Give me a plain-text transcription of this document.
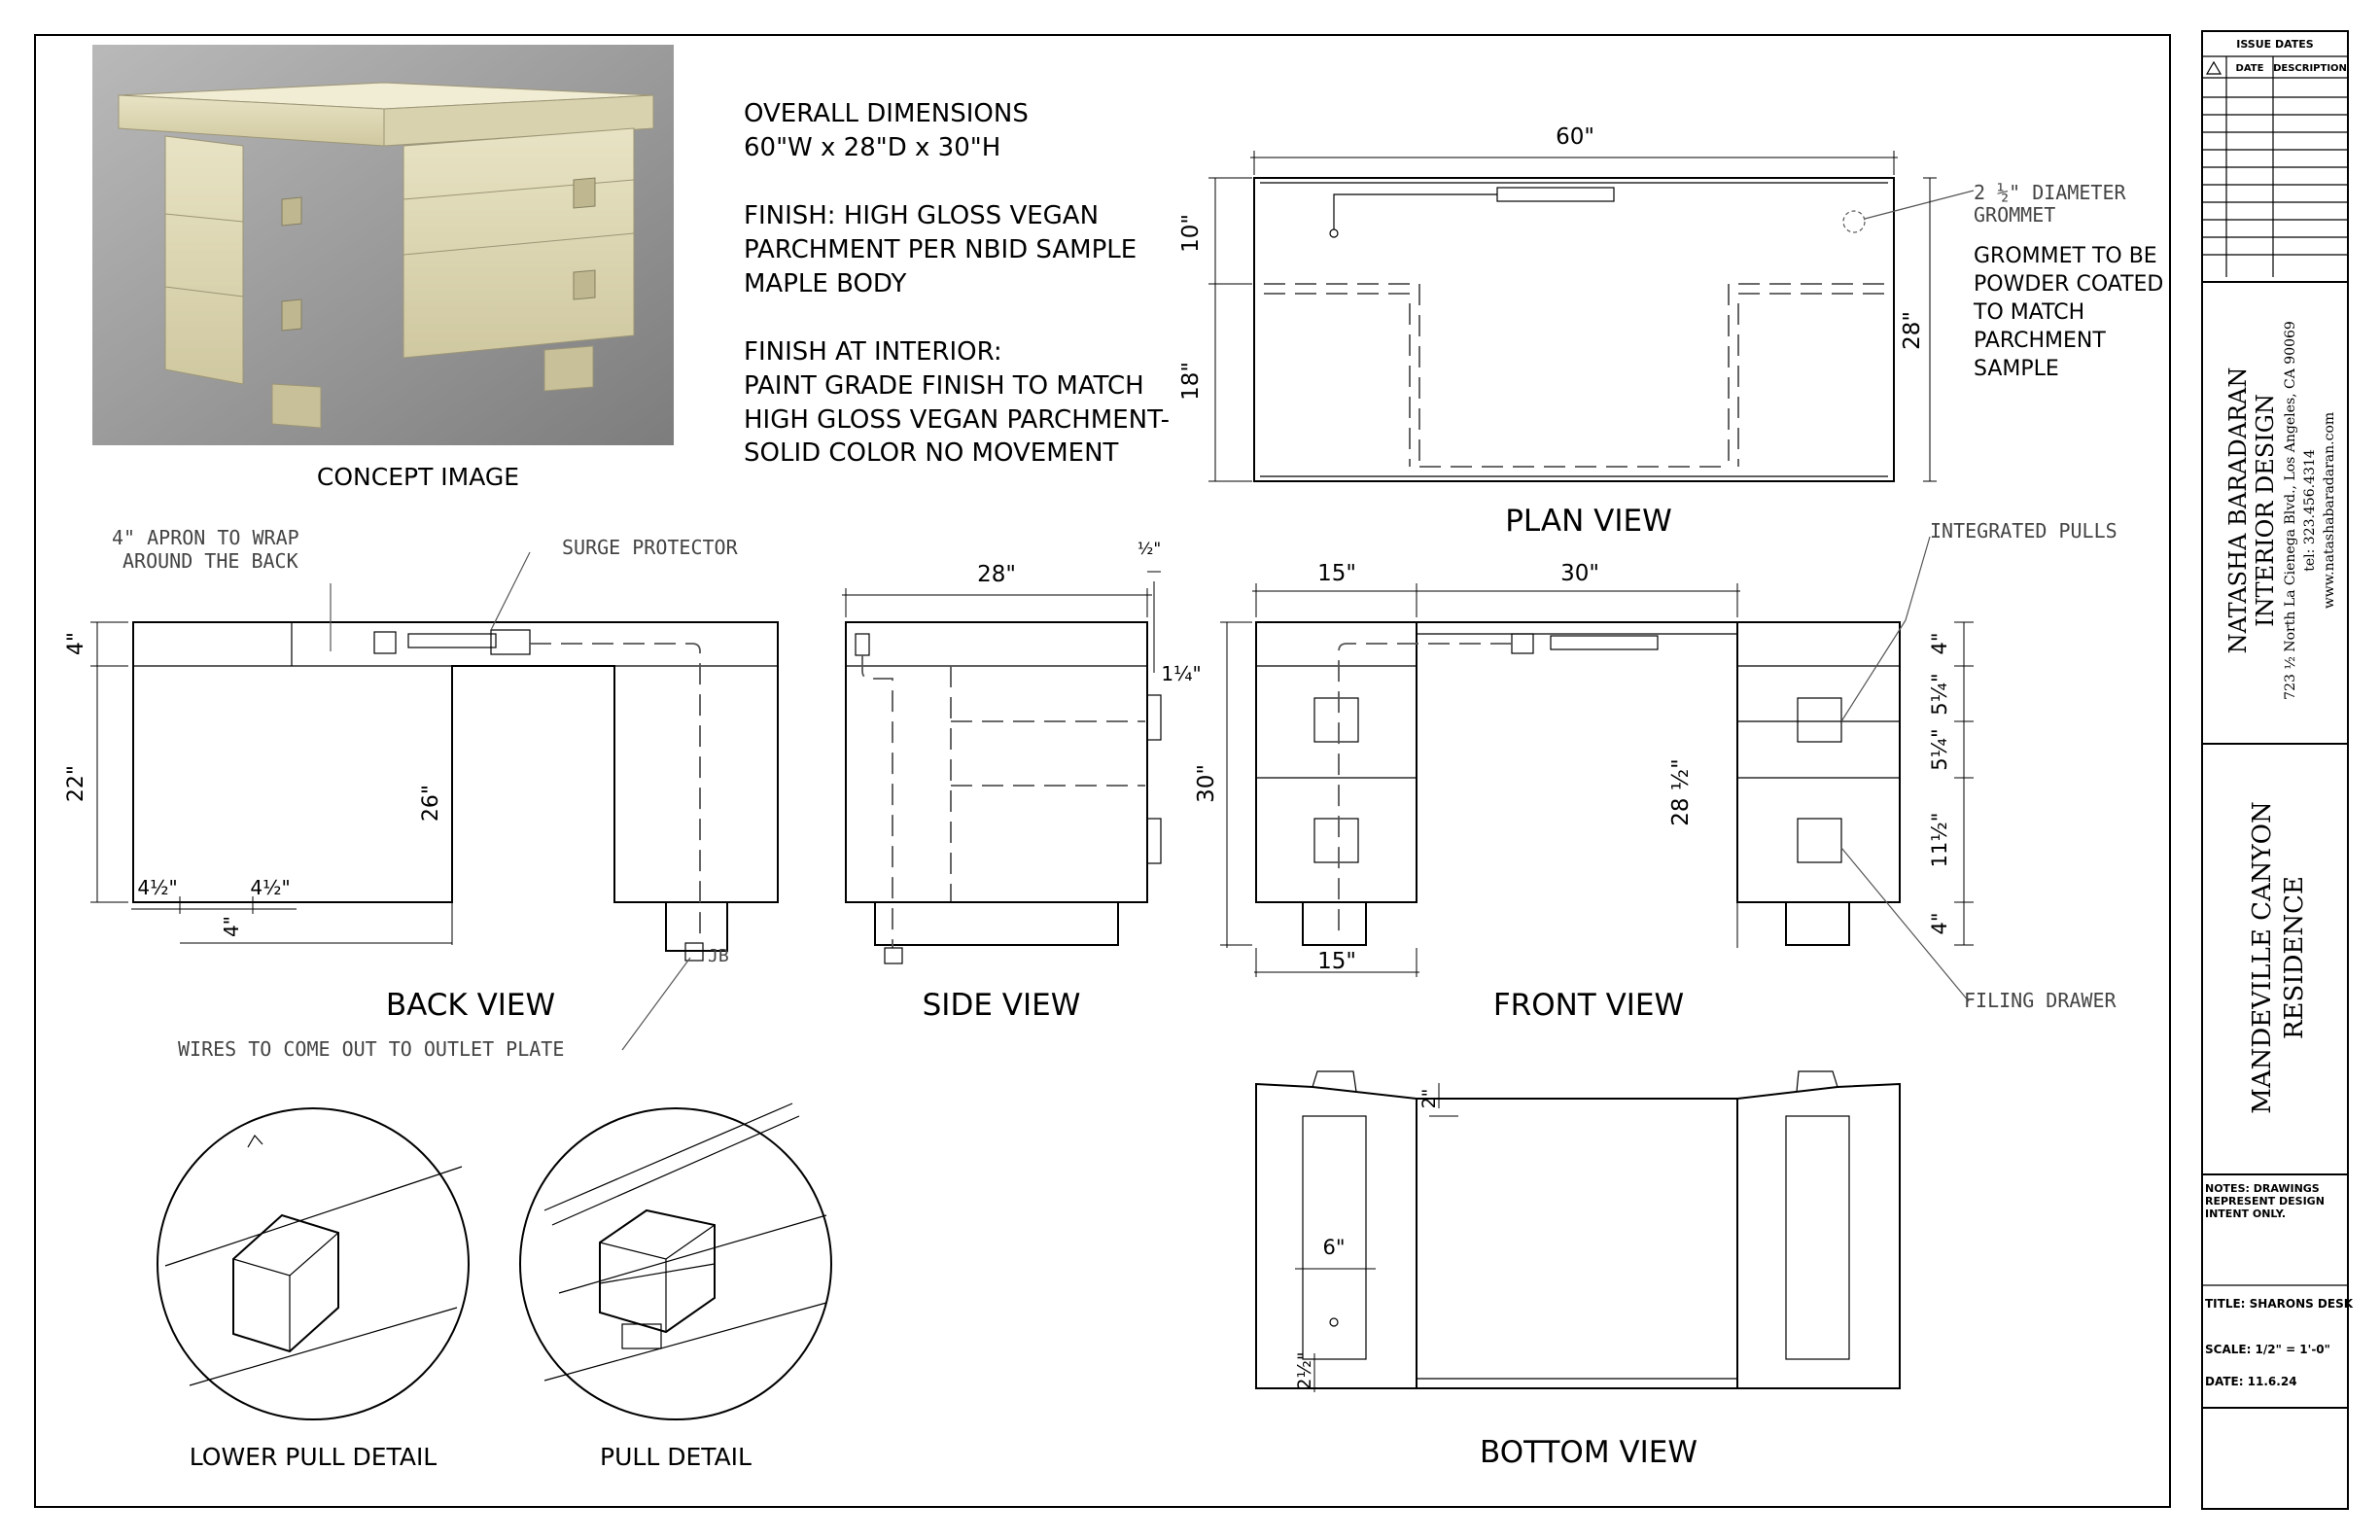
CONCEPT IMAGE
OVERALL DIMENSIONS
60"W x 28"D x 30"H
FINISH: HIGH GLOSS VEGAN
PARCHMENT PER NBID SAMPLE
MAPLE BODY
FINISH AT INTERIOR:
PAINT GRADE FINISH TO MATCH
HIGH GLOSS VEGAN PARCHMENT-
SOLID COLOR NO MOVEMENT
60"
10"
18"
28"
2 ½" DIAMETER
GROMMET
GROMMET TO BE
POWDER COATED
TO MATCH
PARCHMENT
SAMPLE
PLAN VIEW
4"
22"
26"
4½"	4½"
4"
4" APRON TO WRAP
AROUND THE BACK
SURGE PROTECTOR
JB
WIRES TO COME OUT TO OUTLET PLATE
BACK VIEW
28"
½"
1¼"
SIDE VIEW
15"	30"
30"	28 ½"
15"
4"
5¼"
5¼"
11½"
4"
INTEGRATED PULLS
FILING DRAWER
FRONT VIEW
2"
6"
2½"
BOTTOM VIEW
LOWER PULL DETAIL	PULL DETAIL
ISSUE DATES
DATE DESCRIPTION
NATASHA BARADARAN INTERIOR DESIGN 723 ½ North La Cienega Blvd., Los Angeles, CA 90069 tel: 323.456.4314 www.natashabaradaran.com
MANDEVILLE CANYON RESIDENCE
NOTES: DRAWINGS
REPRESENT DESIGN
INTENT ONLY.
TITLE: SHARONS DESK
SCALE: 1/2" = 1'-0"
DATE: 11.6.24
